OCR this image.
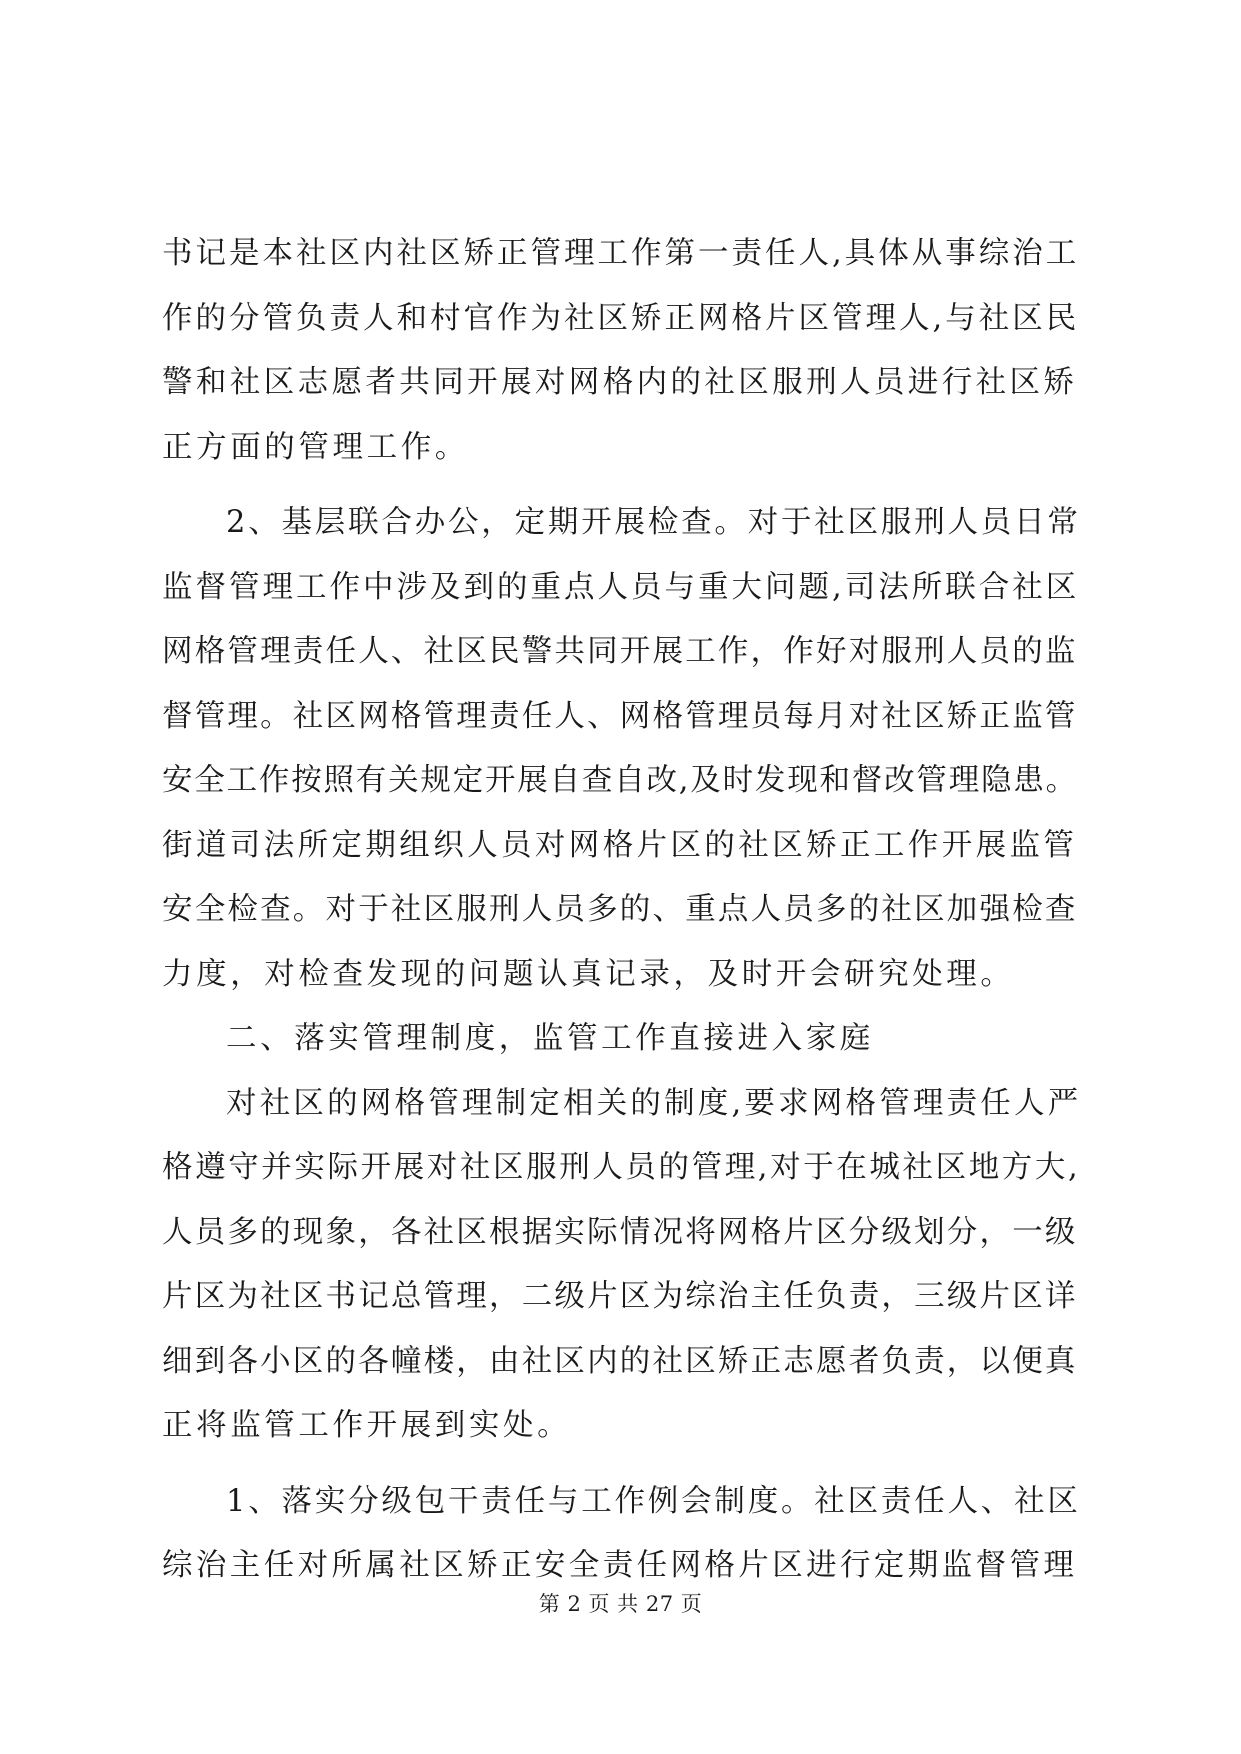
书记是本社区内社区矫正管理工作第一责任人,具体从事综治工
作的分管负责人和村官作为社区矫正网格片区管理人,与社区民
警和社区志愿者共同开展对网格内的社区服刑人员进行社区矫
正方面的管理工作。
2、基层联合办公，定期开展检查。对于社区服刑人员日常
监督管理工作中涉及到的重点人员与重大问题,司法所联合社区
网格管理责任人、社区民警共同开展工作，作好对服刑人员的监
督管理。社区网格管理责任人、网格管理员每月对社区矫正监管
安全工作按照有关规定开展自查自改,及时发现和督改管理隐患。
街道司法所定期组织人员对网格片区的社区矫正工作开展监管
安全检查。对于社区服刑人员多的、重点人员多的社区加强检查
力度，对检查发现的问题认真记录，及时开会研究处理。
二、落实管理制度，监管工作直接进入家庭
对社区的网格管理制定相关的制度,要求网格管理责任人严
格遵守并实际开展对社区服刑人员的管理,对于在城社区地方大,
人员多的现象，各社区根据实际情况将网格片区分级划分，一级
片区为社区书记总管理，二级片区为综治主任负责，三级片区详
细到各小区的各幢楼，由社区内的社区矫正志愿者负责，以便真
正将监管工作开展到实处。
1、落实分级包干责任与工作例会制度。社区责任人、社区
综治主任对所属社区矫正安全责任网格片区进行定期监督管理
第 2 页 共 27 页
